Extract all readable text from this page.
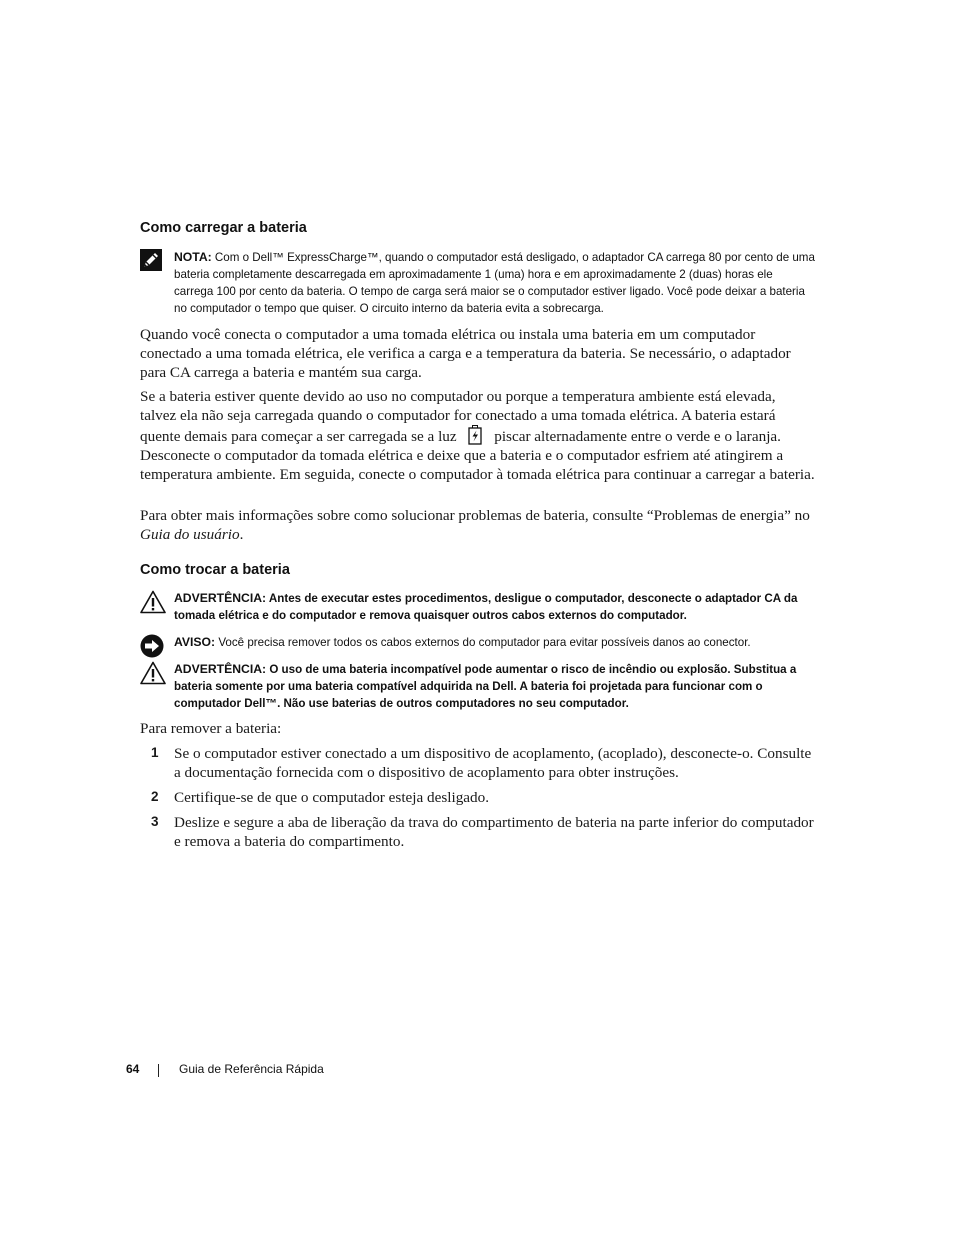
Como carregar a bateria
NOTA: Com o Dell™ ExpressCharge™, quando o computador está desligado, o adaptador CA carrega 80 por cento de uma bateria completamente descarregada em aproximadamente 1 (uma) hora e em aproximadamente 2 (duas) horas ele carrega 100 por cento da bateria. O tempo de carga será maior se o computador estiver ligado. Você pode deixar a bateria no computador o tempo que quiser. O circuito interno da bateria evita a sobrecarga.

Quando você conecta o computador a uma tomada elétrica ou instala uma bateria em um computador conectado a uma tomada elétrica, ele verifica a carga e a temperatura da bateria. Se necessário, o adaptador para CA carrega a bateria e mantém sua carga.

Se a bateria estiver quente devido ao uso no computador ou porque a temperatura ambiente está elevada, talvez ela não seja carregada quando o computador for conectado a uma tomada elétrica. A bateria estará quente demais para começar a ser carregada se a luz piscar alternadamente entre o verde e o laranja. Desconecte o computador da tomada elétrica e deixe que a bateria e o computador esfriem até atingirem a temperatura ambiente. Em seguida, conecte o computador à tomada elétrica para continuar a carregar a bateria.

Para obter mais informações sobre como solucionar problemas de bateria, consulte “Problemas de energia” no Guia do usuário.

Como trocar a bateria
ADVERTÊNCIA: Antes de executar estes procedimentos, desligue o computador, desconecte o adaptador CA da tomada elétrica e do computador e remova quaisquer outros cabos externos do computador.
AVISO: Você precisa remover todos os cabos externos do computador para evitar possíveis danos ao conector.
ADVERTÊNCIA: O uso de uma bateria incompatível pode aumentar o risco de incêndio ou explosão. Substitua a bateria somente por uma bateria compatível adquirida na Dell. A bateria foi projetada para funcionar com o computador Dell™. Não use baterias de outros computadores no seu computador.

Para remover a bateria:

1 Se o computador estiver conectado a um dispositivo de acoplamento, (acoplado), desconecte-o. Consulte a documentação fornecida com o dispositivo de acoplamento para obter instruções.
2 Certifique-se de que o computador esteja desligado.
3 Deslize e segure a aba de liberação da trava do compartimento de bateria na parte inferior do computador e remova a bateria do compartimento.
64	Guia de Referência Rápida
